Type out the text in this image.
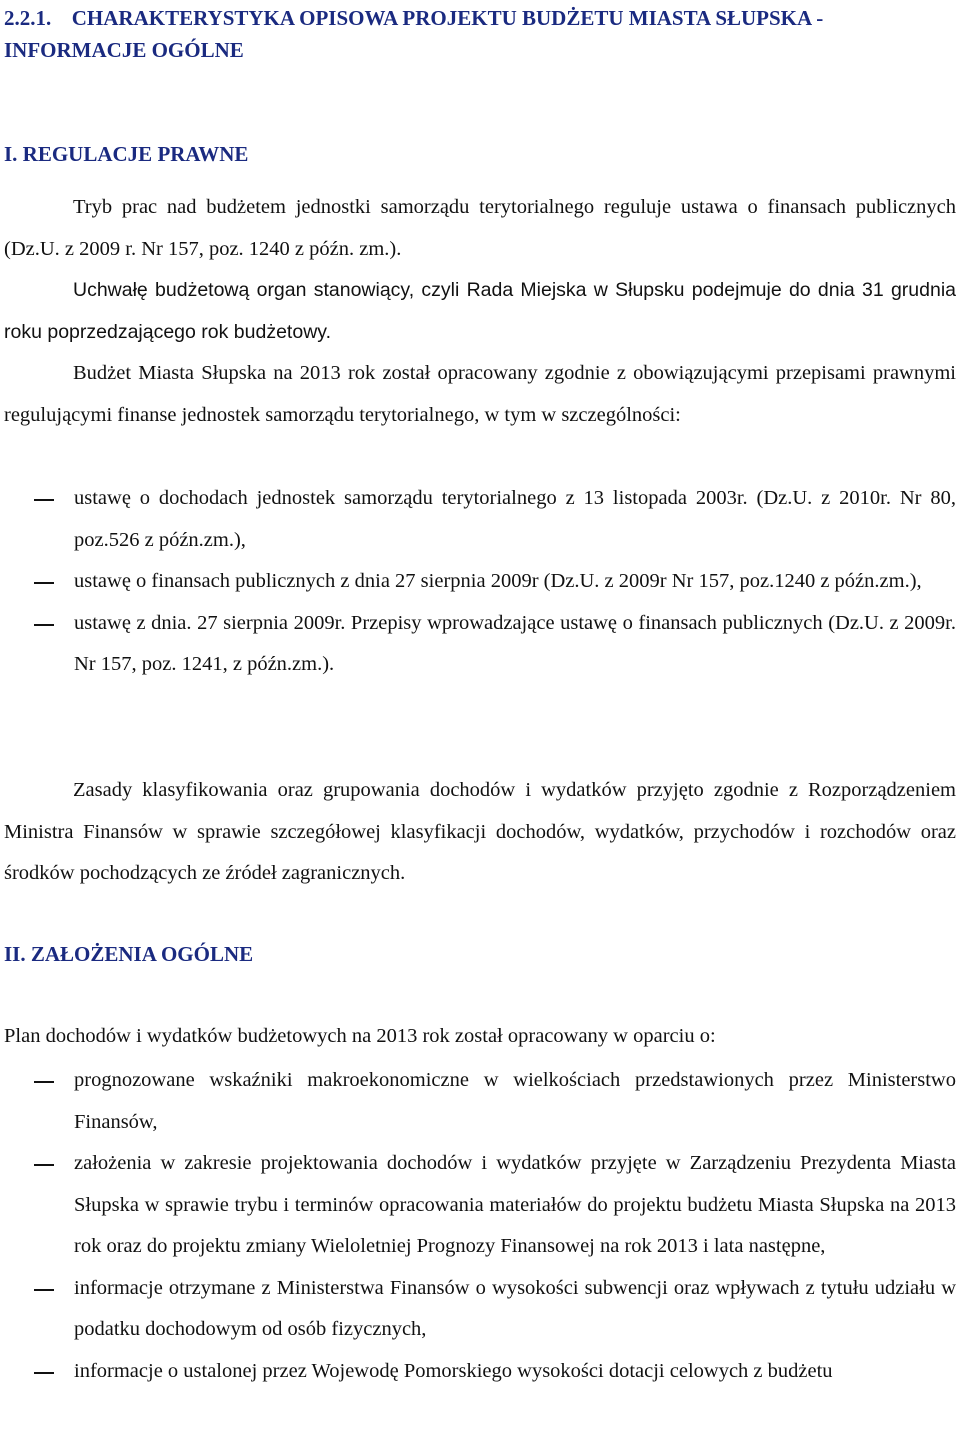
2.2.1. CHARAKTERYSTYKA OPISOWA PROJEKTU BUDŻETU MIASTA SŁUPSKA - INFORMACJE OGÓLNE
I. REGULACJE PRAWNE

Tryb prac nad budżetem jednostki samorządu terytorialnego reguluje ustawa o finansach publicznych (Dz.U. z 2009 r. Nr 157, poz. 1240 z późn. zm.).

Uchwałę budżetową organ stanowiący, czyli Rada Miejska w Słupsku podejmuje do dnia 31 grudnia roku poprzedzającego rok budżetowy.

Budżet Miasta Słupska na 2013 rok został opracowany zgodnie z obowiązującymi przepisami prawnymi regulującymi finanse jednostek samorządu terytorialnego, w tym w szczególności:

ustawę o dochodach jednostek samorządu terytorialnego z 13 listopada 2003r. (Dz.U. z 2010r. Nr 80, poz.526 z późn.zm.),
ustawę o finansach publicznych z dnia 27 sierpnia 2009r (Dz.U. z 2009r Nr 157, poz.1240 z późn.zm.),
ustawę z dnia. 27 sierpnia 2009r. Przepisy wprowadzające ustawę o finansach publicznych (Dz.U. z 2009r. Nr 157, poz. 1241, z późn.zm.).

Zasady klasyfikowania oraz grupowania dochodów i wydatków przyjęto zgodnie z Rozporządzeniem Ministra Finansów w sprawie szczegółowej klasyfikacji dochodów, wydatków, przychodów i rozchodów oraz środków pochodzących ze źródeł zagranicznych.

II. ZAŁOŻENIA OGÓLNE

Plan dochodów i wydatków budżetowych na 2013 rok został opracowany w oparciu o:

prognozowane wskaźniki makroekonomiczne w wielkościach przedstawionych przez Ministerstwo Finansów,
założenia w zakresie projektowania dochodów i wydatków przyjęte w Zarządzeniu Prezydenta Miasta Słupska w sprawie trybu i terminów opracowania materiałów do projektu budżetu Miasta Słupska na 2013 rok oraz do projektu zmiany Wieloletniej Prognozy Finansowej na rok 2013 i lata następne,
informacje otrzymane z Ministerstwa Finansów o wysokości subwencji oraz wpływach z tytułu udziału w podatku dochodowym od osób fizycznych,
informacje o ustalonej przez Wojewodę Pomorskiego wysokości dotacji celowych z budżetu
